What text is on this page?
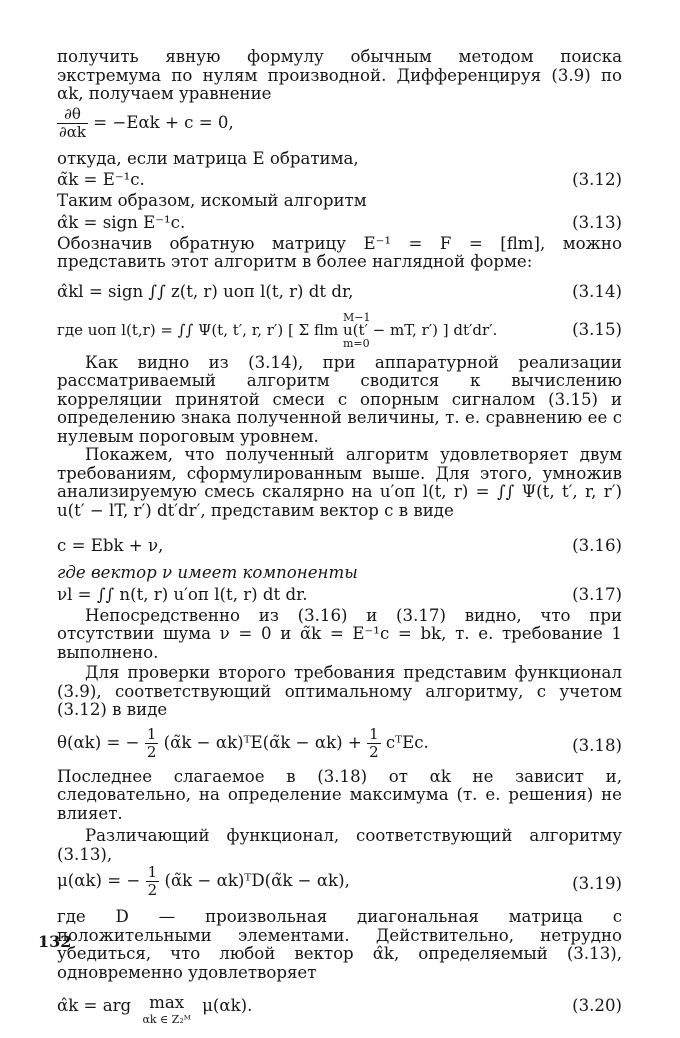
получить явную формулу обычным методом поиска экстремума по нулям производной. Дифференцируя (3.9) по αk, получаем уравнение

$\frac{\partial\theta}{\partial\alpha k} = -E\alpha k + c = 0$,

откуда, если матрица E обратима,

α̃k = E⁻¹c.	(3.12)

Таким образом, искомый алгоритм

α̂k = sign E⁻¹c.	(3.13)

Обозначив обратную матрицу E⁻¹ = F = [flm], можно представить этот алгоритм в более наглядной форме:

α̂kl = sign ∫∫ z(t, r) uоп l(t, r) dt dr,	(3.14)
где uоп l(t,r) = ∫∫ Ψ(t, t′, r, r′) [ Σ flm u(t′ − mT, r′) ] dt′dr′.
M−1
m=0
(3.15)

Как видно из (3.14), при аппаратурной реализации рассматриваемый алгоритм сводится к вычислению корреляции принятой смеси с опорным сигналом (3.15) и определению знака полученной величины, т. е. сравнению ее с нулевым пороговым уровнем.

Покажем, что полученный алгоритм удовлетворяет двум требованиям, сформулированным выше. Для этого, умножив анализируемую смесь скалярно на u′оп l(t, r) = ∫∫ Ψ(t, t′, r, r′) u(t′ − lT, r′) dt′dr′, представим вектор c в виде

c = Ebk + ν,	(3.16)

где вектор ν имеет компоненты

νl = ∫∫ n(t, r) u′оп l(t, r) dt dr.	(3.17)

Непосредственно из (3.16) и (3.17) видно, что при отсутствии шума ν = 0 и α̃k = E⁻¹c = bk, т. е. требование 1 выполнено.

Для проверки второго требования представим функционал (3.9), соответствующий оптимальному алгоритму, с учетом (3.12) в виде

θ(αk) = − $\frac{1}{2}$ (α̃k − αk)ᵀE(α̃k − $\alpha k) + \frac{1}{2}$ cᵀEc.	(3.18)

Последнее слагаемое в (3.18) от αk не зависит и, следовательно, на определение максимума (т. е. решения) не влияет.

Различающий функционал, соответствующий алгоритму (3.13),

μ(αk) = − $\frac{1}{2}$ (α̃k − αk)ᵀD(α̃k − αk),	(3.19)

где D — произвольная диагональная матрица с положительными элементами. Действительно, нетрудно убедиться, что любой вектор α̂k, определяемый (3.13), одновременно удовлетворяет

α̂k = arg	max
αk ∈ Z₂ᴹ
μ(αk).	(3.20)
132
